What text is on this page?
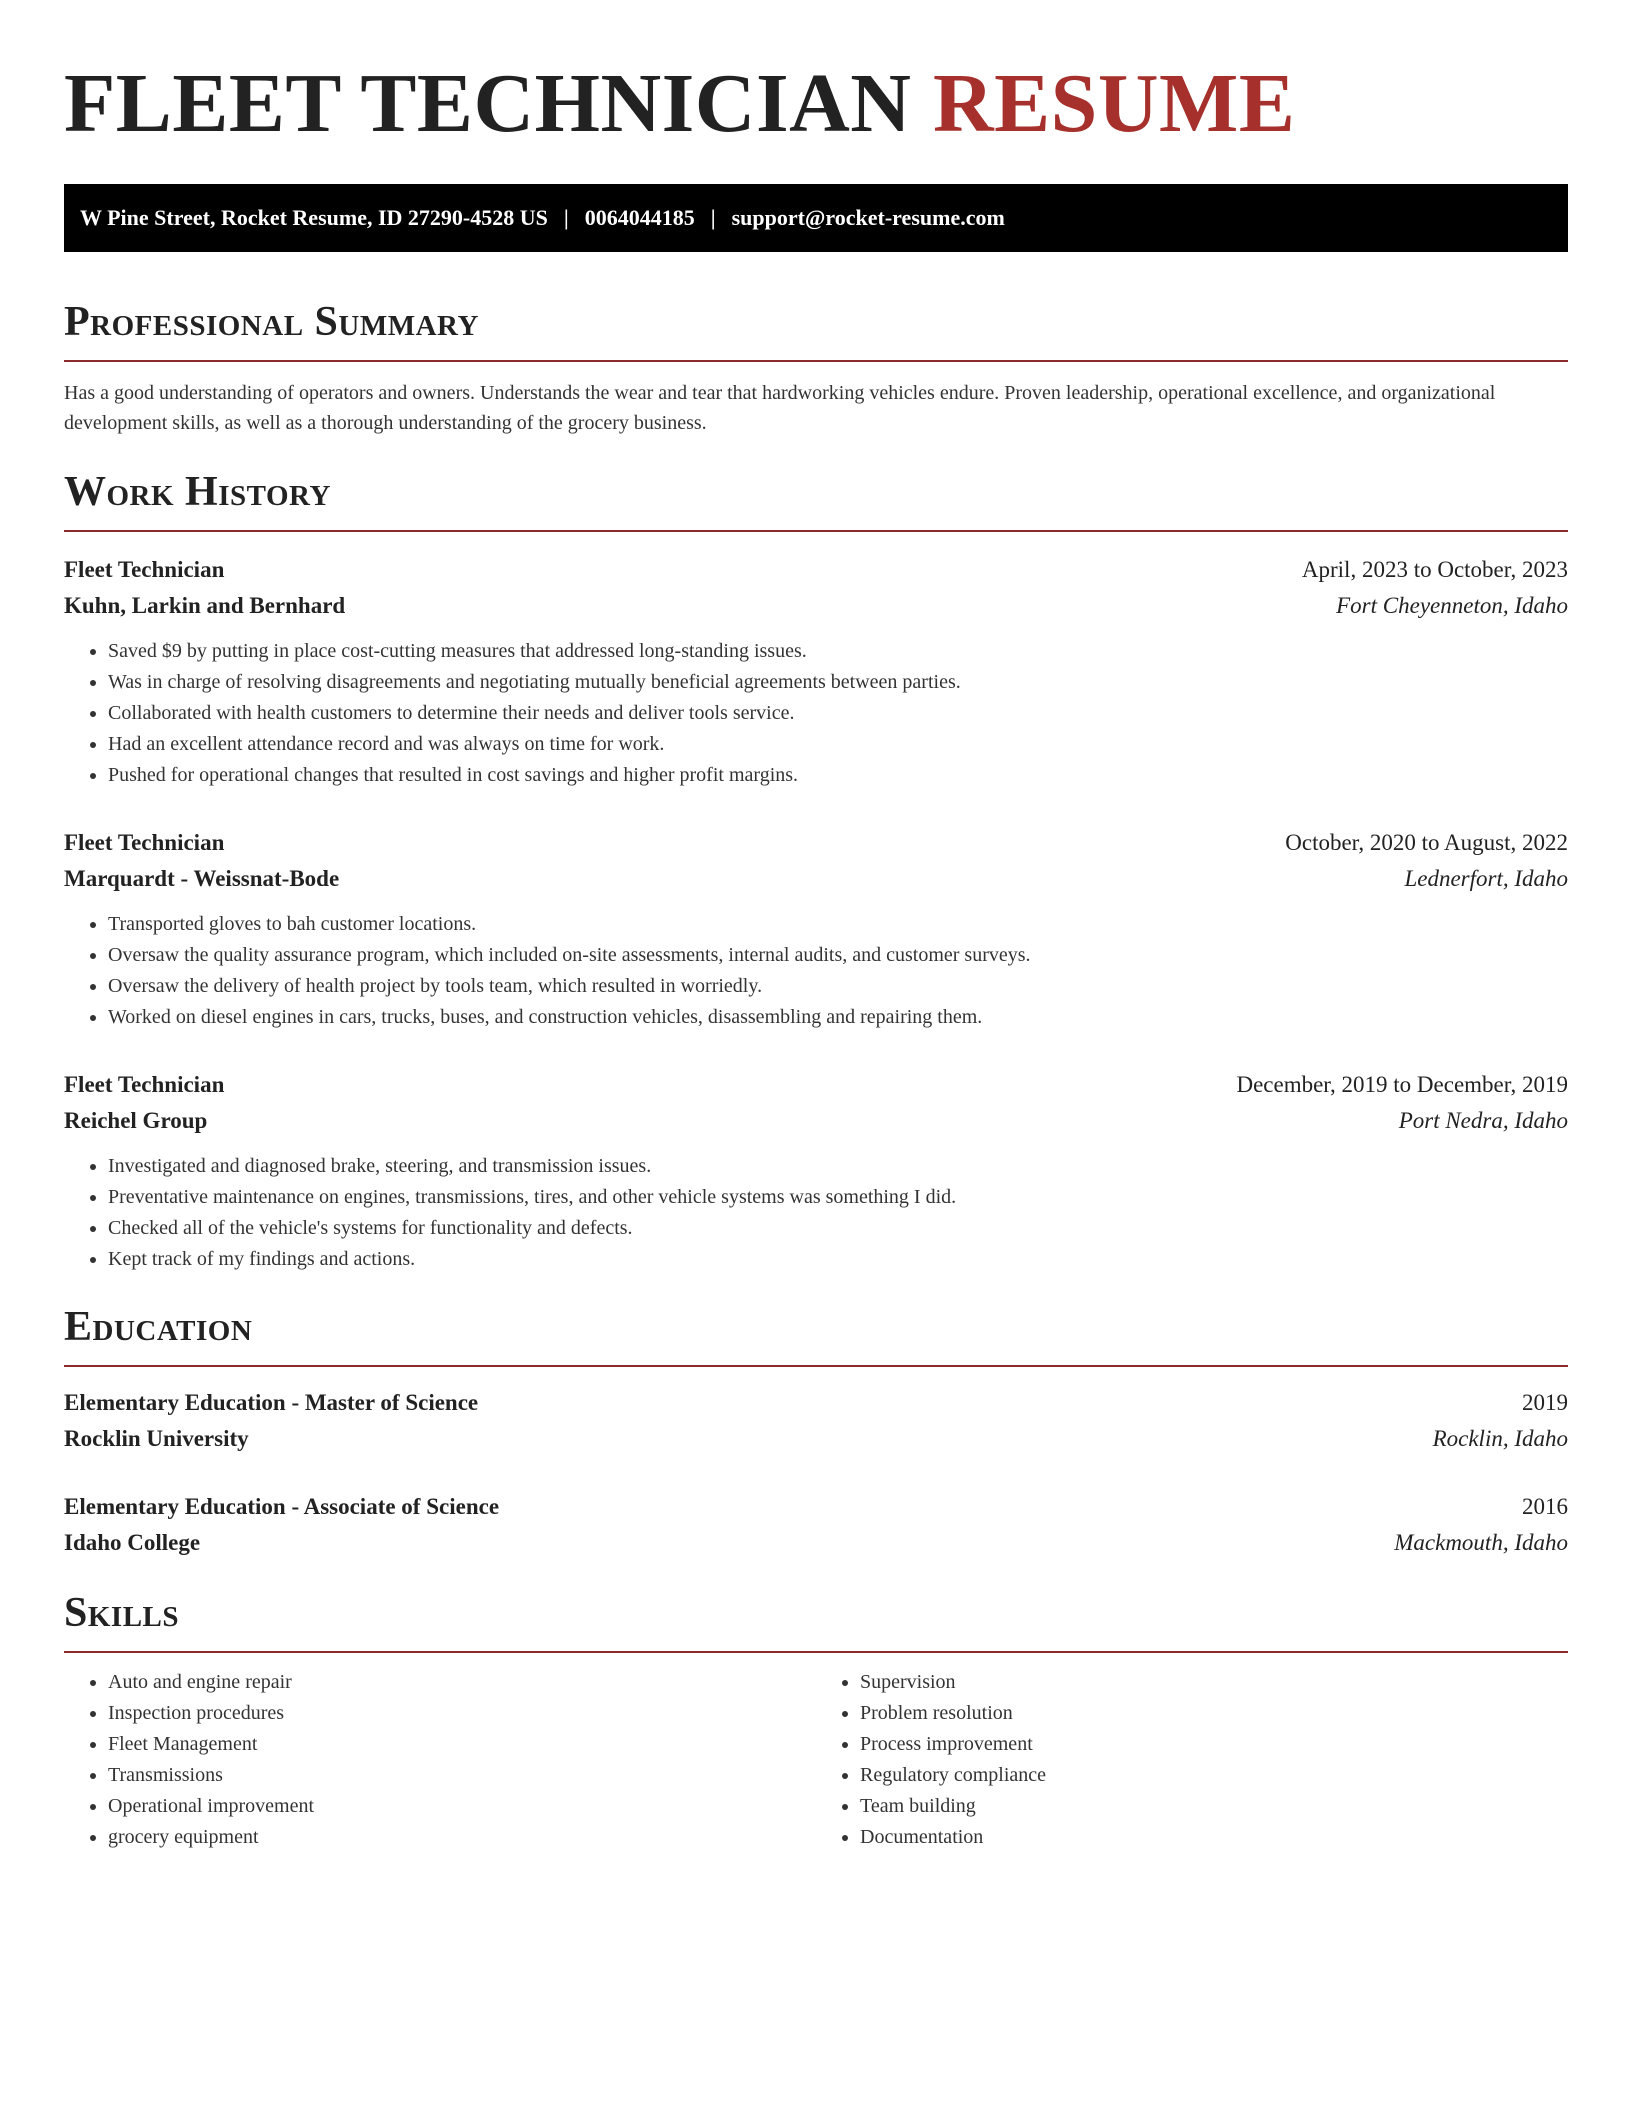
FLEET TECHNICIAN RESUME
W Pine Street, Rocket Resume, ID 27290-4528 US | 0064044185 | support@rocket-resume.com
Professional Summary

Has a good understanding of operators and owners. Understands the wear and tear that hardworking vehicles endure. Proven leadership, operational excellence, and organizational development skills, as well as a thorough understanding of the grocery business.

Work History
Fleet Technician	April, 2023 to October, 2023
Kuhn, Larkin and Bernhard	Fort Cheyenneton, Idaho
• Saved $9 by putting in place cost-cutting measures that addressed long-standing issues.
• Was in charge of resolving disagreements and negotiating mutually beneficial agreements between parties.
• Collaborated with health customers to determine their needs and deliver tools service.
• Had an excellent attendance record and was always on time for work.
• Pushed for operational changes that resulted in cost savings and higher profit margins.
Fleet Technician	October, 2020 to August, 2022
Marquardt - Weissnat-Bode	Lednerfort, Idaho
• Transported gloves to bah customer locations.
• Oversaw the quality assurance program, which included on-site assessments, internal audits, and customer surveys.
• Oversaw the delivery of health project by tools team, which resulted in worriedly.
• Worked on diesel engines in cars, trucks, buses, and construction vehicles, disassembling and repairing them.
Fleet Technician	December, 2019 to December, 2019
Reichel Group	Port Nedra, Idaho
• Investigated and diagnosed brake, steering, and transmission issues.
• Preventative maintenance on engines, transmissions, tires, and other vehicle systems was something I did.
• Checked all of the vehicle's systems for functionality and defects.
• Kept track of my findings and actions.
Education
Elementary Education - Master of Science	2019
Rocklin University	Rocklin, Idaho
Elementary Education - Associate of Science	2016
Idaho College	Mackmouth, Idaho
Skills
• Auto and engine repair
• Inspection procedures
• Fleet Management
• Transmissions
• Operational improvement
• grocery equipment
• Supervision
• Problem resolution
• Process improvement
• Regulatory compliance
• Team building
• Documentation
